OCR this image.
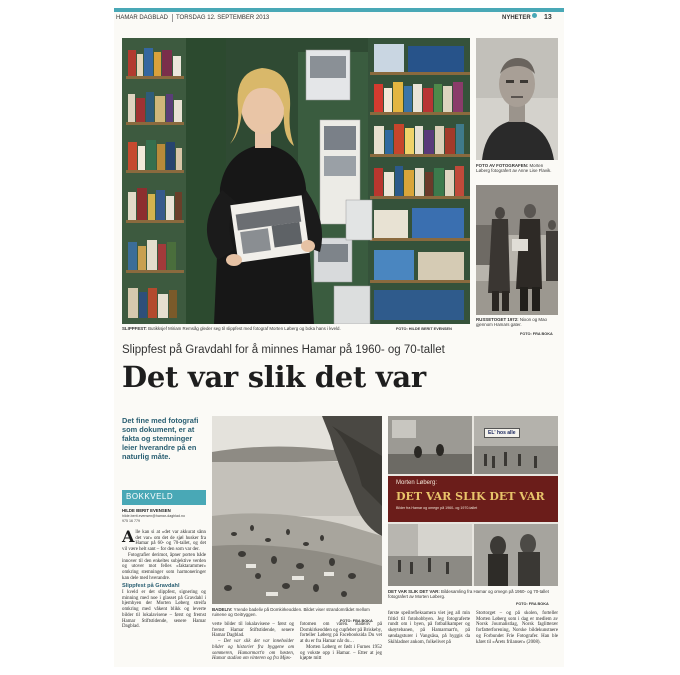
HAMAR DAGBLAD TORSDAG 12. SEPTEMBER 2013	NYHETER 13
SLIPPFEST: Butikksjef Miriam Remsåg gleder seg til slippfest med fotograf Morten Løberg og boka hans i kveld.	FOTO: HILDE BERIT EVENSEN
FOTO AV FOTOGRAFEN: Morten Løberg fotografert av Anne Lise Flavik.
RUSSETOGET 1972: Nixon og Mao gjennom Hamars gater.
FOTO: FRA BOKA
Slippfest på Gravdahl for å minnes Hamar på 1960- og 70-tallet
Det var slik det var
Det fine med fotografi som dokument, er at fakta og stemninger leier hverandre på en naturlig måte.
BOKKVELD
HILDE BERIT EVENSEN
hilde.berit.evensen@hamar-dagblad.no
975 16 779
A lle kan si at «det var akkurat sånn det var» om det de sjøl husker fra Hamar på 60- og 70-tallet, og det vil være helt sant – for den som var der.
Fotografier derimot, åpner porten både innover til den enkeltes subjektive verden og utover mot felles «faktarammer» omkring stemninger som harmoneringer kan dele med hverandre.
Slippfest på Gravdahl
I kveld er det slippfest, signering og minning med noe i glasset på Gravdahl i hjemhyen der Morten Løberg streifa omkring med våkent blikk og leverte bilder til lokalavisene – først og fremst Hamar Stiftstidende, senere Hamar Dagblad.
BADELIV: Yrende badeliv på Domkirkeodden. Bildet viser strandområdet mellom ruinene og Geitryggen.
FOTO: FRA BOKA
EL' hos alle
Morten Løberg:
DET VAR SLIK DET VAR
Bilder fra Hamar og omegn på 1960- og 1970-tallet
DET VAR SLIK DET VAR: Bildesamling fra Hamar og omegn på 1960- og 70-tallet fotografert av Morten Løberg.
FOTO: FRA BOKA
verte bilder til lokalavisene – først og fremst Hamar Stiftstidende, senere Hamar Dagblad.
– Det var slik det var inneholder bilder og historier fra byggene om sommeren, Hamarmart'n om høsten, Hamar stadion om vinteren og fra Mjøs-
fotomen om våren. Badeliv på Domkirkeodden og cupfeber på Briskeby, forteller Løberg på Facebooksida Du vet at du er fra Hamar når du…
Morten Løberg er født i Furnes 1952 og vokste opp i Hamar. – Etter at jeg kjøpte mitt
første speilrefleksamera viet jeg all min fritid til fotohobbyen. Jeg fotograferte rundt om i byen, på fotballkamper og skøytebanen, på Hamarmart'n, på søndagsturer i Vangsåsa, på hyggis da Skihladner ankom, folkelivet på
Stortorget – og på skolen, forteller Morten Løberg som i dag er medlem av Norsk Journalistlag, Norsk faglitterær forfatterforening, Norske bildekunstnere og Forbundet Frie Fotografer. Han ble kåret til «Årets frilanser» (2008).
